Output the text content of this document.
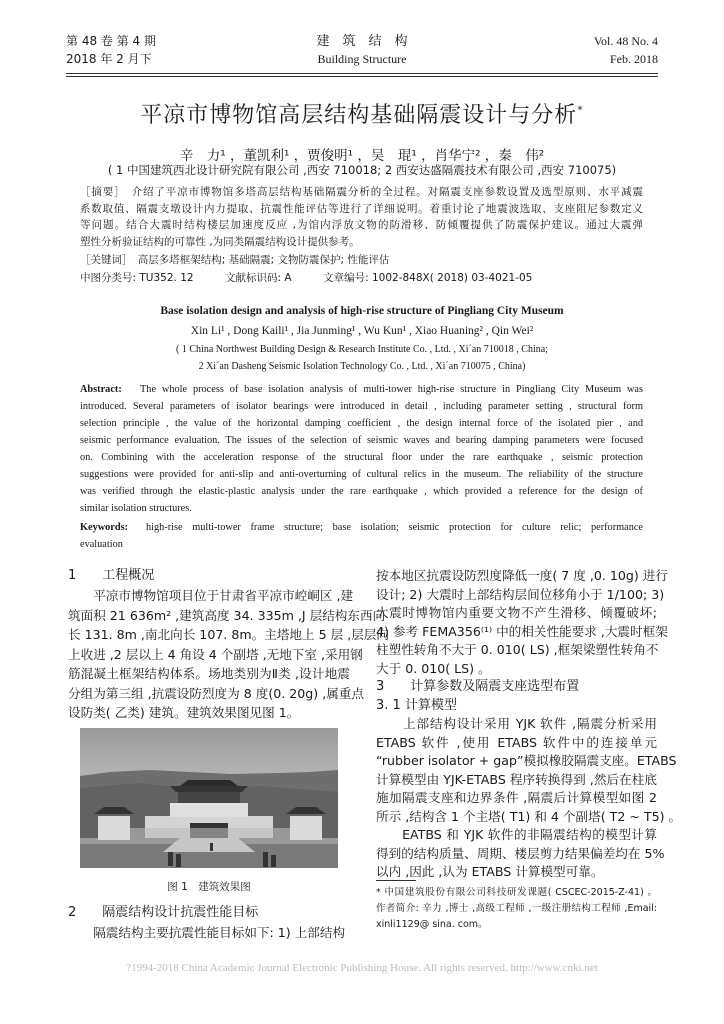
第 48 卷 第 4 期
2018 年 2 月下
建　筑　结　构
Building Structure
Vol. 48 No. 4
Feb. 2018
平凉市博物馆高层结构基础隔震设计与分析*
辛　力¹ ，董凯利¹ ，贾俊明¹ ，吴　琨¹ ，肖华宁² ，秦　伟²
( 1 中国建筑西北设计研究院有限公司 ,西安 710018; 2 西安达盛隔震技术有限公司 ,西安 710075)
［摘要］　介绍了平凉市博物馆多塔高层结构基础隔震分析的全过程。对隔震支座参数设置及选型原则、水平减震
系数取值、隔震支墩设计内力提取、抗震性能评估等进行了详细说明。着重讨论了地震波选取、支座阻尼参数定义
等问题。结合大震时结构楼层加速度反应 ,为馆内浮放文物的防滑移、防倾覆提供了防震保护建议。通过大震弹
塑性分析验证结构的可靠性 ,为同类隔震结构设计提供参考。
［关键词］　高层多塔框架结构; 基础隔震; 文物防震保护; 性能评估
中图分类号: TU352. 12　　　文献标识码: A　　　文章编号: 1002-848X( 2018) 03-4021-05
Base isolation design and analysis of high-rise structure of Pingliang City Museum
Xin Li¹ , Dong Kaili¹ , Jia Junming¹ , Wu Kun¹ , Xiao Huaning² , Qin Wei²
( 1 China Northwest Building Design & Research Institute Co. , Ltd. , Xi´an 710018 , China;
2 Xi´an Dasheng Seismic Isolation Technology Co. , Ltd. , Xi´an 710075 , China)
The whole process of base isolation analysis of multi-tower high-rise structure in Pingliang City Museum was
introduced. Several parameters of isolator bearings were introduced in detail , including parameter setting , structural form
selection principle , the value of the horizontal damping coefficient , the design internal force of the isolated pier , and
seismic performance evaluation. The issues of the selection of seismic waves and bearing damping parameters were focused
on. Combining with the acceleration response of the structural floor under the rare earthquake , seismic protection
suggestions were provided for anti-slip and anti-overturning of cultural relics in the museum. The reliability of the structure
was verified through the elastic-plastic analysis under the rare earthquake , which provided a reference for the design of
similar isolation structures.
Abstract:
high-rise multi-tower frame structure; base isolation; seismic protection for culture relic; performance
evaluation
Keywords:
1　　工程概况
　　平凉市博物馆项目位于甘肃省平凉市崆峒区 ,建
筑面积 21 636m² ,建筑高度 34. 335m ,J 层结构东西向
长 131. 8m ,南北向长 107. 8m。主塔地上 5 层 ,层层向
上收进 ,2 层以上 4 角设 4 个副塔 ,无地下室 ,采用钢
筋混凝土框架结构体系。场地类别为Ⅱ类 ,设计地震
分组为第三组 ,抗震设防烈度为 8 度(0. 20g) ,属重点
设防类( 乙类) 建筑。建筑效果图见图 1。
图 1　建筑效果图
2　　隔震结构设计抗震性能目标
　　隔震结构主要抗震性能目标如下: 1) 上部结构
按本地区抗震设防烈度降低一度( 7 度 ,0. 10g) 进行
设计; 2) 大震时上部结构层间位移角小于 1/100; 3)
大震时博物馆内重要文物不产生滑移、倾覆破坏;
4) 参考 FEMA356⁽¹⁾ 中的相关性能要求 ,大震时框架
柱塑性转角不大于 0. 010( LS) ,框架梁塑性转角不
大于 0. 010( LS) 。
3　　计算参数及隔震支座选型布置
3. 1 计算模型
　　上部结构设计采用 YJK 软件 ,隔震分析采用
ETABS 软件 ,使用 ETABS 软件中的连接单元
“rubber isolator + gap”模拟橡胶隔震支座。ETABS
计算模型由 YJK-ETABS 程序转换得到 ,然后在柱底
施加隔震支座和边界条件 ,隔震后计算模型如图 2
所示 ,结构含 1 个主塔( T1) 和 4 个副塔( T2 ~ T5) 。
　　EATBS 和 YJK 软件的非隔震结构的模型计算
得到的结构质量、周期、楼层剪力结果偏差均在 5%
以内 ,因此 ,认为 ETABS 计算模型可靠。
* 中国建筑股份有限公司科技研发课题( CSCEC-2015-Z-41) 。
作者简介: 辛力 ,博士 ,高级工程师 ,一级注册结构工程师 ,Email:
xinli1129@ sina. com。
?1994-2018 China Academic Journal Electronic Publishing House. All rights reserved. http://www.cnki.net
